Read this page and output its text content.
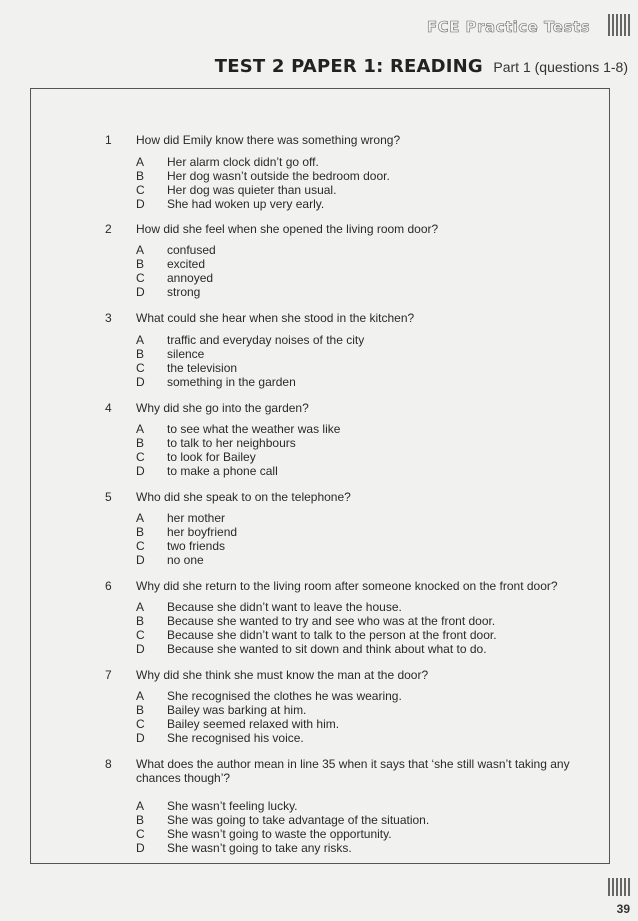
FCE Practice Tests
TEST 2 PAPER 1: READING Part 1 (questions 1-8)
1 How did Emily know there was something wrong?
A Her alarm clock didn’t go off.
B Her dog wasn’t outside the bedroom door.
C Her dog was quieter than usual.
D She had woken up very early.
2 How did she feel when she opened the living room door?
A confused
B excited
C annoyed
D strong
3 What could she hear when she stood in the kitchen?
A traffic and everyday noises of the city
B silence
C the television
D something in the garden
4 Why did she go into the garden?
A to see what the weather was like
B to talk to her neighbours
C to look for Bailey
D to make a phone call
5 Who did she speak to on the telephone?
A her mother
B her boyfriend
C two friends
D no one
6 Why did she return to the living room after someone knocked on the front door?
A Because she didn’t want to leave the house.
B Because she wanted to try and see who was at the front door.
C Because she didn’t want to talk to the person at the front door.
D Because she wanted to sit down and think about what to do.
7 Why did she think she must know the man at the door?
A She recognised the clothes he was wearing.
B Bailey was barking at him.
C Bailey seemed relaxed with him.
D She recognised his voice.
8 What does the author mean in line 35 when it says that ‘she still wasn’t taking any chances though’?
A She wasn’t feeling lucky.
B She was going to take advantage of the situation.
C She wasn’t going to waste the opportunity.
D She wasn’t going to take any risks.
39
